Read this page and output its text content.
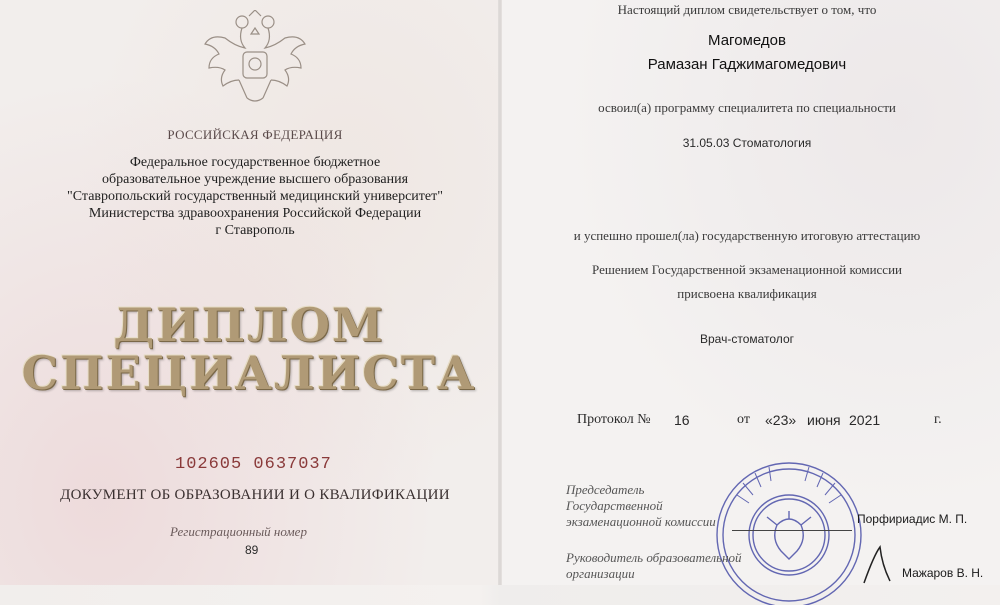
РОССИЙСКАЯ ФЕДЕРАЦИЯ
Федеральное государственное бюджетное
образовательное учреждение высшего образования
"Ставропольский государственный медицинский университет"
Министерства здравоохранения Российской Федерации
г Ставрополь
ДИПЛОМ
СПЕЦИАЛИСТА
102605 0637037
ДОКУМЕНТ ОБ ОБРАЗОВАНИИ И О КВАЛИФИКАЦИИ
Регистрационный номер
89
Настоящий диплом свидетельствует о том, что
Магомедов
Рамазан Гаджимагомедович
освоил(а) программу специалитета по специальности
31.05.03 Стоматология
и успешно прошел(ла) государственную итоговую аттестацию
Решением Государственной экзаменационной комиссии
присвоена квалификация
Врач-стоматолог
Протокол № 16	от «23» июня 2021	г.
Председатель
Государственной
экзаменационной комиссии	Порфириадис М. П.
Руководитель образовательной
организации	Мажаров В. Н.
